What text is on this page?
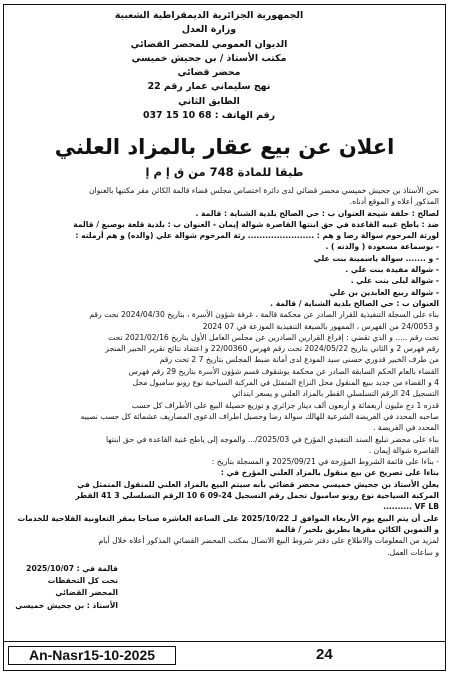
الجمهورية الجزائرية الديمقراطية الشعبية
وزارة العدل
الديوان العمومي للمحضر القضائي
مكتب الأستاذ / بن جحيش خميسي
محضر قضائي
نهج سليماني عمار رقم 22
الطابق الثاني
رقم الهاتف : 68 10 15 037
اعلان عن بيع عقار بالمزاد العلني
طبقا للمادة 748 من ق إ م إ
نحن الأستاذ بن جحيش خميسي محضر قضائي لدى دائرة اختصاص مجلس قضاء قالمة الكائن مقر مكتبها بالعنوان
المذكور أعلاه و الموقع أدناه.
لصالح : حلفة شيحة العنوان ب : حي الصالح بلدية الشناية : قالمة .
ضد : ياطح غيبه القاعدة في حق ابنتها القاصرة شوالة إيمان - العنوان ب : بلدية قلعة بوصبع / قالمة
لورثة المرحوم سوالة رضا و هم : ....................... رثة المرحوم شوالة علي (والده) و هم أرملته :
- بوسماعة مسعودة ( والدته ) .
- و ....... سوالة ياسمينة بنت علي
- شوالة مفيدة بنت علي .
- شوالة ليلى بنت علي .
- شوالة ربيع العابدين بن علي
العنوان ب : حي الصالح بلدية الشناية / قالمة .
بناء على السجلة التنفيذية للقرار الصادر عن محكمة قالمة ، غرفة شؤون الأسرة ، بتاريخ 2024/04/30 تحت رقم
و 24/0053 من الفهرس ، الممهور بالصيغة التنفيذية الموزعة في 07 2024
تحت رقم ..... و الذي تقضي : إفراغ القرارين الصادرين عن مجلس العامل الأول بتاريخ 2021/02/16 تحت
رقم فهرس 2 و الثاني بتاريخ 2024/05/22 تحت رقم فهرس 22/00360 و اعتماد نتائج تقرير الخبير المنجز
من طرف الخبير قدوري حسنى سيد المودع لدى أمانة ضبط المجلس بتاريخ 7 2 تحت رقم
القضاء بالعام الحكم السابقة الصادر عن محكمة يوشقوف قسم شؤون الأسرة بتاريخ 29 رقم فهرس
4 و القضاء من جديد ببيع المنقول محل النزاع المتمثل في المركبة السياحية نوع رونو سامبول محل
التسجيل 24 الرقم التسلسلي القطر بالمزاد العلني و يسعر ابتدائي
قدره 1 دج مليون أربعمائة و أربعون ألف دينار جزائري و توزيع حصيلة البيع على الأطراف كل حسب
صاحبه المحدد في الفريضة الشرعية للهالك سوالة رضا وحصيل اطراف الدعوى المصاريف عشمائة كل حسب نصيبه
المحدد في الفريضة .
بناء على محضر تبليغ السند التنفيذي المؤرخ في 2025/03/... والموجه إلى ياطح غنية القاعدة في حق ابنتها
القاصرة شوالة إيمان .
- بناءا على قائمة الشروط المؤرخة في 2025/09/21 و المسجلة بتاريخ :
بناءا على تصريح عن بيع منقول بالمزاد العلني المؤرخ في :
يعلن الأستاذ بن جحيش خميسي محضر قضائي بأنه سيتم البيع بالمزاد العلني للمنقول المتمثل في
المركبة السياحية نوع رونو سامبول تحمل رقم التسجيل 24-09 6 10 الرقم التسلسلي 3 41 القطر
VF LB ..........
على أن يتم البيع يوم الأربعاء الموافق لـ 2025/10/22 على الساعة العاشرة صباحا بمقر التعاونية الفلاحية للخدمات
و التموين الكائن مقرها بطريق بلخير / قالمة
لمزيد من المعلومات والاطلاع على دفتر شروط البيع الاتصال بمكتب المحضر القضائي المذكور أعلاه خلال أيام
و ساعات العمل.
قالمة في : 2025/10/07
تحت كل التحفظات
المحضر القضائي
الأستاذ : بن جحيش خميسي
An-Nasr15-10-2025	24
